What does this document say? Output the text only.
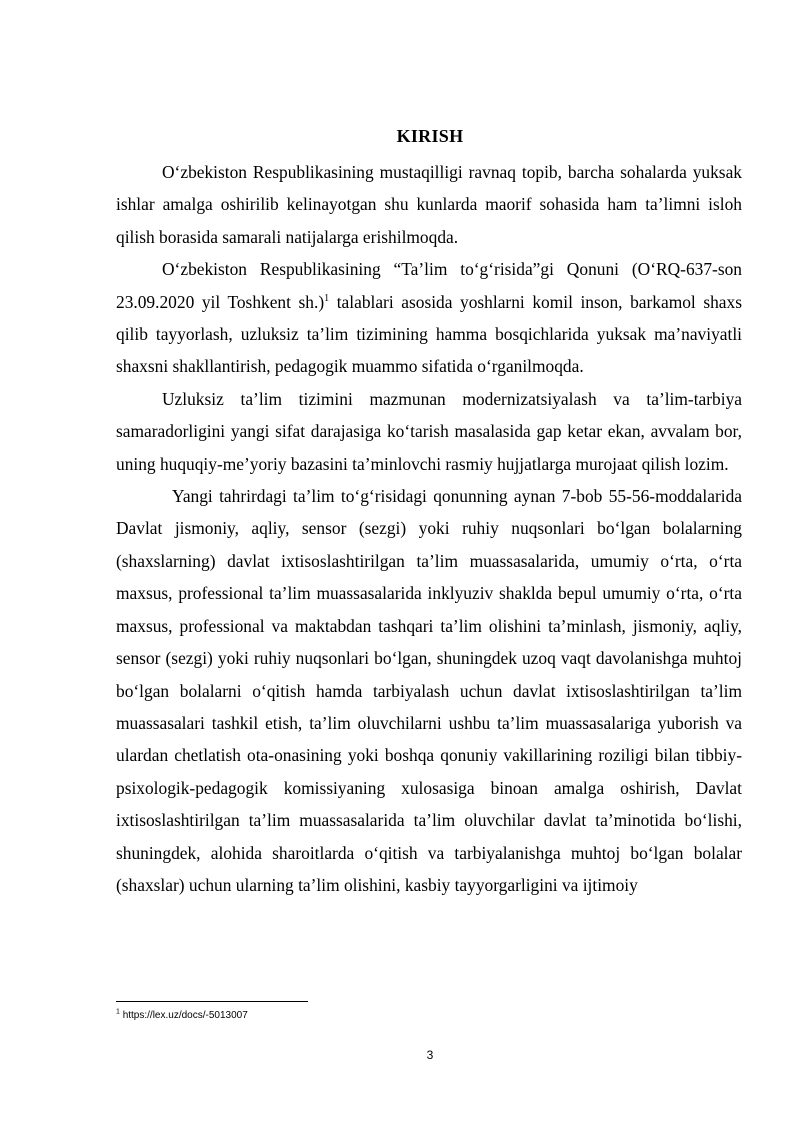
KIRISH

O‘zbekiston Respublikasining mustaqilligi ravnaq topib, barcha sohalarda yuksak ishlar amalga oshirilib kelinayotgan shu kunlarda maorif sohasida ham ta’limni isloh qilish borasida samarali natijalarga erishilmoqda.

O‘zbekiston Respublikasining “Ta’lim to‘g‘risida”gi Qonuni (O‘RQ-637-son 23.09.2020 yil Toshkent sh.)$^1$ talablari asosida yoshlarni komil inson, barkamol shaxs qilib tayyorlash, uzluksiz ta’lim tizimining hamma bosqichlarida yuksak ma’naviyatli shaxsni shakllantirish, pedagogik muammo sifatida o‘rganilmoqda.

Uzluksiz ta’lim tizimini mazmunan modernizatsiyalash va ta’lim-tarbiya samaradorligini yangi sifat darajasiga ko‘tarish masalasida gap ketar ekan, avvalam bor, uning huquqiy-me’yoriy bazasini ta’minlovchi rasmiy hujjatlarga murojaat qilish lozim.

Yangi tahrirdagi ta’lim to‘g‘risidagi qonunning aynan 7-bob 55-56-moddalarida Davlat jismoniy, aqliy, sensor (sezgi) yoki ruhiy nuqsonlari bo‘lgan bolalarning (shaxslarning) davlat ixtisoslashtirilgan ta’lim muassasalarida, umumiy o‘rta, o‘rta maxsus, professional ta’lim muassasalarida inklyuziv shaklda bepul umumiy o‘rta, o‘rta maxsus, professional va maktabdan tashqari ta’lim olishini ta’minlash, jismoniy, aqliy, sensor (sezgi) yoki ruhiy nuqsonlari bo‘lgan, shuningdek uzoq vaqt davolanishga muhtoj bo‘lgan bolalarni o‘qitish hamda tarbiyalash uchun davlat ixtisoslashtirilgan ta’lim muassasalari tashkil etish, ta’lim oluvchilarni ushbu ta’lim muassasalariga yuborish va ulardan chetlatish ota-onasining yoki boshqa qonuniy vakillarining roziligi bilan tibbiy-psixologik-pedagogik komissiyaning xulosasiga binoan amalga oshirish, Davlat ixtisoslashtirilgan ta’lim muassasalarida ta’lim oluvchilar davlat ta’minotida bo‘lishi, shuningdek, alohida sharoitlarda o‘qitish va tarbiyalanishga muhtoj bo‘lgan bolalar (shaxslar) uchun ularning ta’lim olishini, kasbiy tayyorgarligini va ijtimoiy

$^1$ https://lex.uz/docs/-5013007
3
